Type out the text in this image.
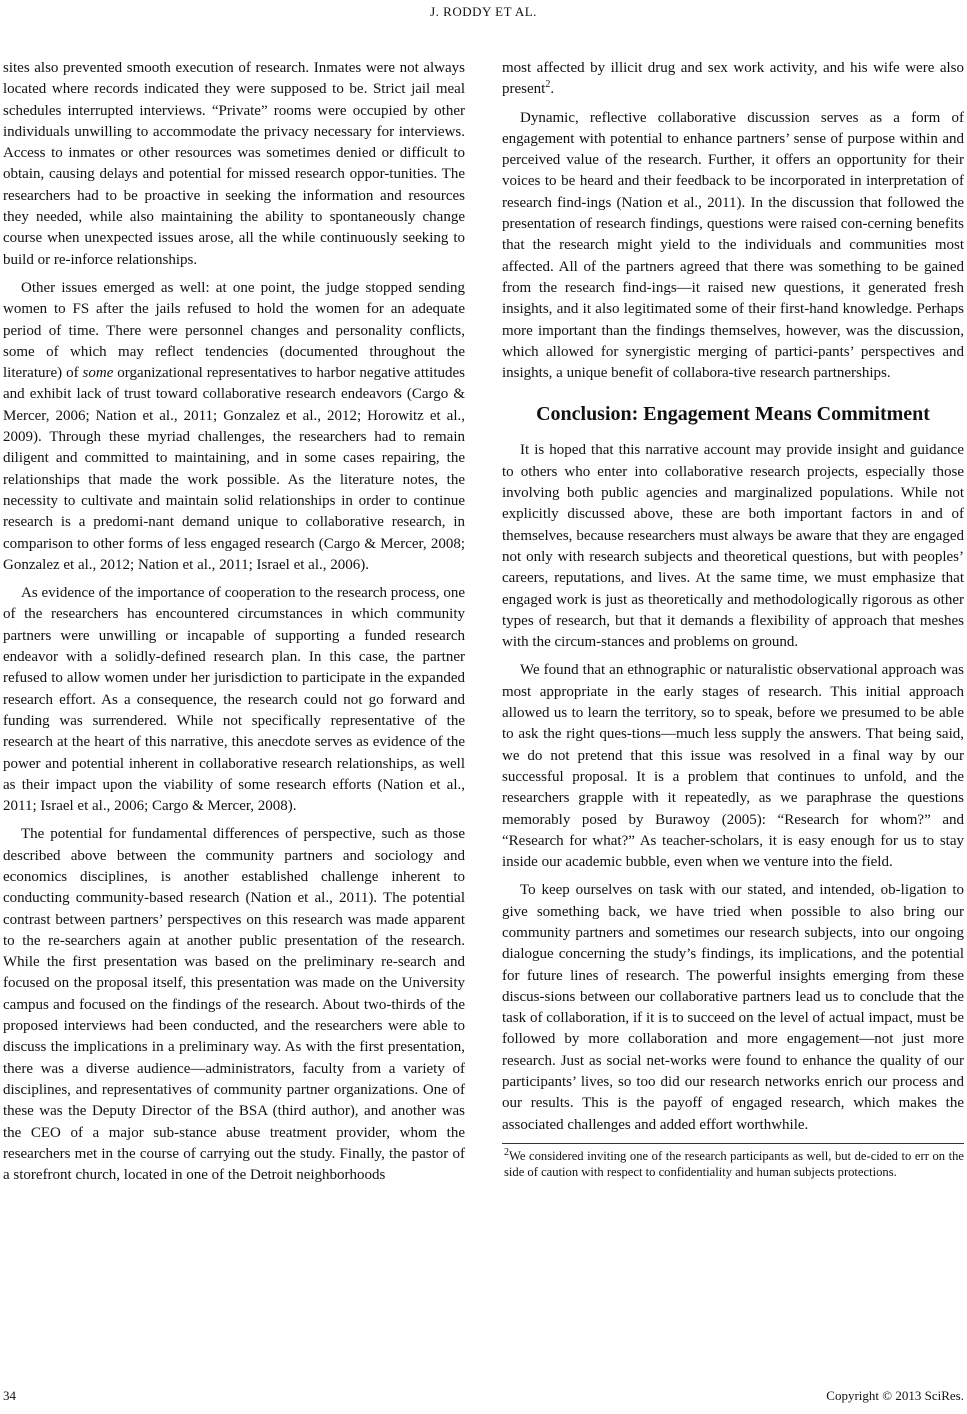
J. RODDY ET AL.

sites also prevented smooth execution of research. Inmates were not always located where records indicated they were supposed to be. Strict jail meal schedules interrupted interviews. “Private” rooms were occupied by other individuals unwilling to accommodate the privacy necessary for interviews. Access to inmates or other resources was sometimes denied or difficult to obtain, causing delays and potential for missed research oppor-tunities. The researchers had to be proactive in seeking the information and resources they needed, while also maintaining the ability to spontaneously change course when unexpected issues arose, all the while continuously seeking to build or re-inforce relationships.

Other issues emerged as well: at one point, the judge stopped sending women to FS after the jails refused to hold the women for an adequate period of time. There were personnel changes and personality conflicts, some of which may reflect tendencies (documented throughout the literature) of some organizational representatives to harbor negative attitudes and exhibit lack of trust toward collaborative research endeavors (Cargo & Mercer, 2006; Nation et al., 2011; Gonzalez et al., 2012; Horowitz et al., 2009). Through these myriad challenges, the researchers had to remain diligent and committed to maintaining, and in some cases repairing, the relationships that made the work possible. As the literature notes, the necessity to cultivate and maintain solid relationships in order to continue research is a predomi-nant demand unique to collaborative research, in comparison to other forms of less engaged research (Cargo & Mercer, 2008; Gonzalez et al., 2012; Nation et al., 2011; Israel et al., 2006).

As evidence of the importance of cooperation to the research process, one of the researchers has encountered circumstances in which community partners were unwilling or incapable of supporting a funded research endeavor with a solidly-defined research plan. In this case, the partner refused to allow women under her jurisdiction to participate in the expanded research effort. As a consequence, the research could not go forward and funding was surrendered. While not specifically representative of the research at the heart of this narrative, this anecdote serves as evidence of the power and potential inherent in collaborative research relationships, as well as their impact upon the viability of some research efforts (Nation et al., 2011; Israel et al., 2006; Cargo & Mercer, 2008).

The potential for fundamental differences of perspective, such as those described above between the community partners and sociology and economics disciplines, is another established challenge inherent to conducting community-based research (Nation et al., 2011). The potential contrast between partners’ perspectives on this research was made apparent to the re-searchers again at another public presentation of the research. While the first presentation was based on the preliminary re-search and focused on the proposal itself, this presentation was made on the University campus and focused on the findings of the research. About two-thirds of the proposed interviews had been conducted, and the researchers were able to discuss the implications in a preliminary way. As with the first presentation, there was a diverse audience—administrators, faculty from a variety of disciplines, and representatives of community partner organizations. One of these was the Deputy Director of the BSA (third author), and another was the CEO of a major sub-stance abuse treatment provider, whom the researchers met in the course of carrying out the study. Finally, the pastor of a storefront church, located in one of the Detroit neighborhoods

most affected by illicit drug and sex work activity, and his wife were also present$^2$.

Dynamic, reflective collaborative discussion serves as a form of engagement with potential to enhance partners’ sense of purpose within and perceived value of the research. Further, it offers an opportunity for their voices to be heard and their feedback to be incorporated in interpretation of research find-ings (Nation et al., 2011). In the discussion that followed the presentation of research findings, questions were raised con-cerning benefits that the research might yield to the individuals and communities most affected. All of the partners agreed that there was something to be gained from the research find-ings—it raised new questions, it generated fresh insights, and it also legitimated some of their first-hand knowledge. Perhaps more important than the findings themselves, however, was the discussion, which allowed for synergistic merging of partici-pants’ perspectives and insights, a unique benefit of collabora-tive research partnerships.

Conclusion: Engagement Means Commitment

It is hoped that this narrative account may provide insight and guidance to others who enter into collaborative research projects, especially those involving both public agencies and marginalized populations. While not explicitly discussed above, these are both important factors in and of themselves, because researchers must always be aware that they are engaged not only with research subjects and theoretical questions, but with peoples’ careers, reputations, and lives. At the same time, we must emphasize that engaged work is just as theoretically and methodologically rigorous as other types of research, but that it demands a flexibility of approach that meshes with the circum-stances and problems on ground.

We found that an ethnographic or naturalistic observational approach was most appropriate in the early stages of research. This initial approach allowed us to learn the territory, so to speak, before we presumed to be able to ask the right ques-tions—much less supply the answers. That being said, we do not pretend that this issue was resolved in a final way by our successful proposal. It is a problem that continues to unfold, and the researchers grapple with it repeatedly, as we paraphrase the questions memorably posed by Burawoy (2005): “Research for whom?” and “Research for what?” As teacher-scholars, it is easy enough for us to stay inside our academic bubble, even when we venture into the field.

To keep ourselves on task with our stated, and intended, ob-ligation to give something back, we have tried when possible to also bring our community partners and sometimes our research subjects, into our ongoing dialogue concerning the study’s findings, its implications, and the potential for future lines of research. The powerful insights emerging from these discus-sions between our collaborative partners lead us to conclude that the task of collaboration, if it is to succeed on the level of actual impact, must be followed by more collaboration and more engagement—not just more research. Just as social net-works were found to enhance the quality of our participants’ lives, so too did our research networks enrich our process and our results. This is the payoff of engaged research, which makes the associated challenges and added effort worthwhile.

$^2$We considered inviting one of the research participants as well, but de-cided to err on the side of caution with respect to confidentiality and human subjects protections.
34	Copyright © 2013 SciRes.
